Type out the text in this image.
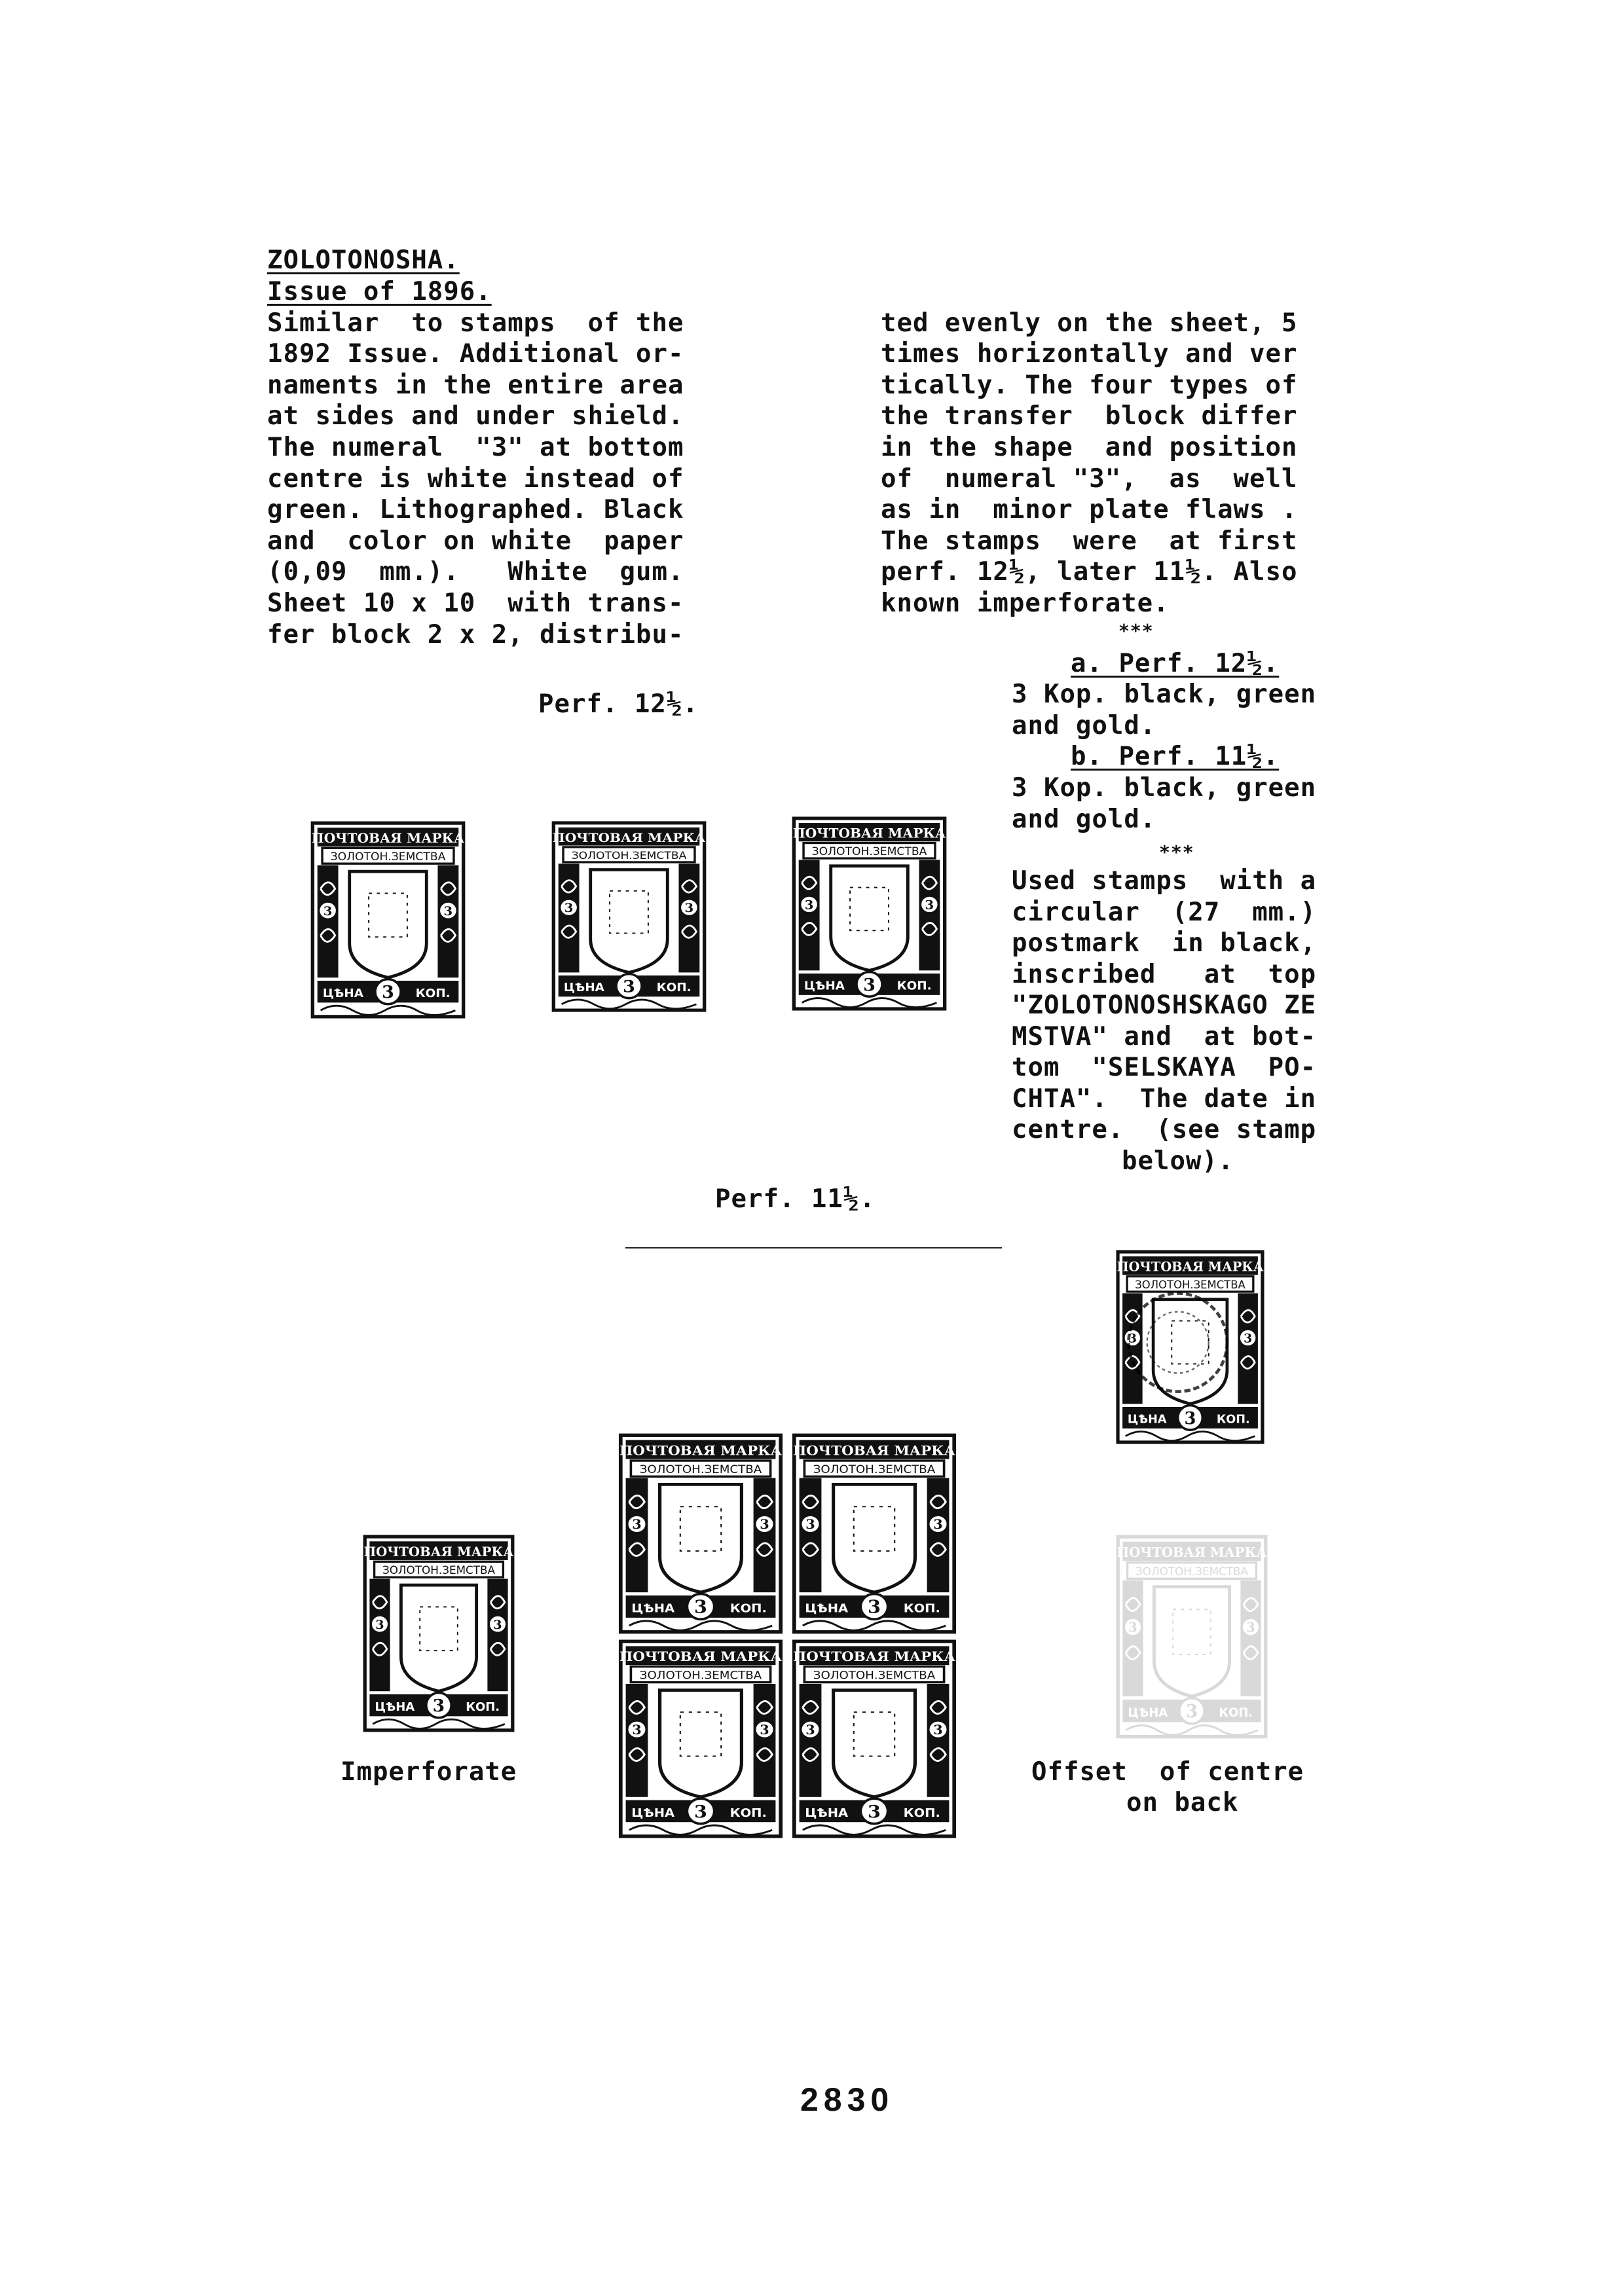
ZOLOTONOSHA.
Issue of 1896.
Similar  to stamps  of the
1892 Issue. Additional or-
naments in the entire area
at sides and under shield.
The numeral  "3" at bottom
centre is white instead of
green. Lithographed. Black
and  color on white  paper
(0,09  mm.).   White  gum.
Sheet 10 x 10  with trans-
fer block 2 x 2, distribu-
ted evenly on the sheet, 5
times horizontally and ver
tically. The four types of
the transfer  block differ
in the shape  and position
of  numeral "3",  as  well
as in  minor plate flaws .
The stamps  were  at first
perf. 12½, later 11½. Also
known imperforate.
***
a. Perf. 12½.
3 Kop. black, green
and gold.
b. Perf. 11½.
3 Kop. black, green
and gold.
***
Used stamps  with a
circular  (27  mm.)
postmark  in black,
inscribed   at  top
"ZOLOTONOSHSKAGO ZE
MSTVA" and  at bot-
tom  "SELSKAYA  PO-
CHTA".  The date in
centre.  (see stamp
below).
Perf. 12½.
Perf. 11½.
ПОЧТОВАЯ МАРКА
ЗОЛОТОН.ЗЕМСТВА
3	3
ЦѢНА	КОП.
3
ПОЧТОВАЯ МАРКА
ЗОЛОТОН.ЗЕМСТВА
3	3
ЦѢНА	КОП.
3
ПОЧТОВАЯ МАРКА
ЗОЛОТОН.ЗЕМСТВА
3	3
ЦѢНА	КОП.
3
ПОЧТОВАЯ МАРКА
ЗОЛОТОН.ЗЕМСТВА
3	3
ЦѢНА	КОП.
3
ПОЧТОВАЯ МАРКА
ЗОЛОТОН.ЗЕМСТВА
3	3
ЦѢНА	КОП.
3
ПОЧТОВАЯ МАРКА
ЗОЛОТОН.ЗЕМСТВА
3	3
ЦѢНА	КОП.
3
ПОЧТОВАЯ МАРКА
ЗОЛОТОН.ЗЕМСТВА
3	3
ЦѢНА	КОП.
3
ПОЧТОВАЯ МАРКА
ЗОЛОТОН.ЗЕМСТВА
3	3
ЦѢНА	КОП.
3
Imperforate
ПОЧТОВАЯ МАРКА
ЗОЛОТОН.ЗЕМСТВА
3	3
ЦѢНА	КОП.
3
ПОЧТОВАЯ МАРКА
ЗОЛОТОН.ЗЕМСТВА
3	3
ЦѢНА	КОП.
3
Offset  of centre
on back
2830
